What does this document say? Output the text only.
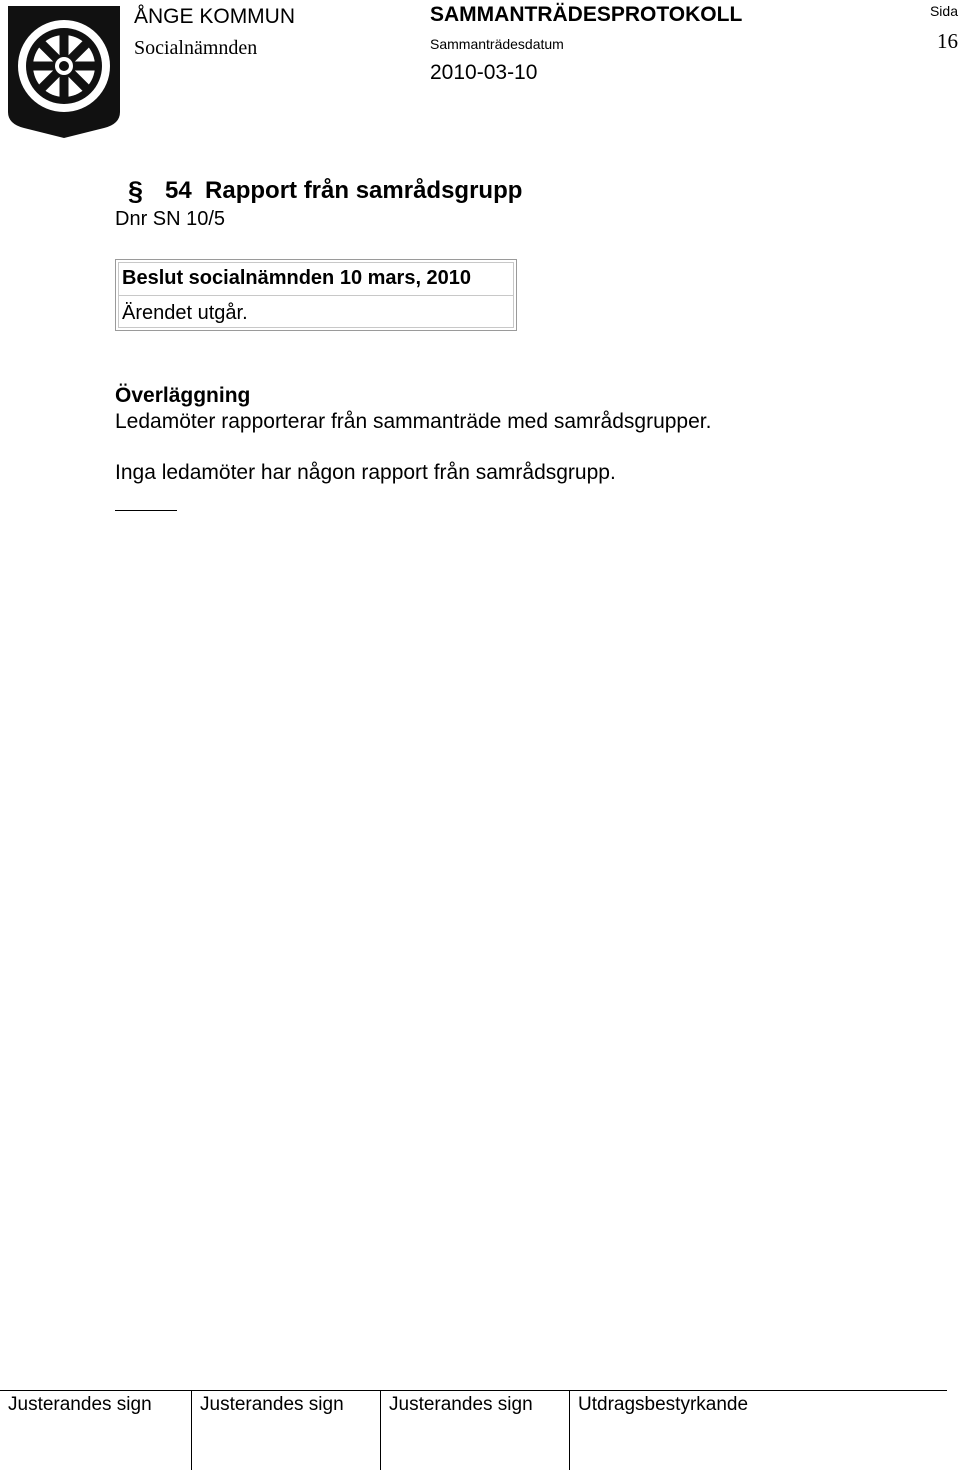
ÅNGE KOMMUN
Socialnämnden
SAMMANTRÄDESPROTOKOLL
Sammanträdesdatum
2010-03-10
Sida
16
§ 54  Rapport från samrådsgrupp
Dnr SN 10/5
Beslut socialnämnden 10 mars, 2010
Ärendet utgår.
Överläggning
Ledamöter rapporterar från sammanträde med samrådsgrupper.
Inga ledamöter har någon rapport från samrådsgrupp.
Justerandes sign	Justerandes sign	Justerandes sign	Utdragsbestyrkande
